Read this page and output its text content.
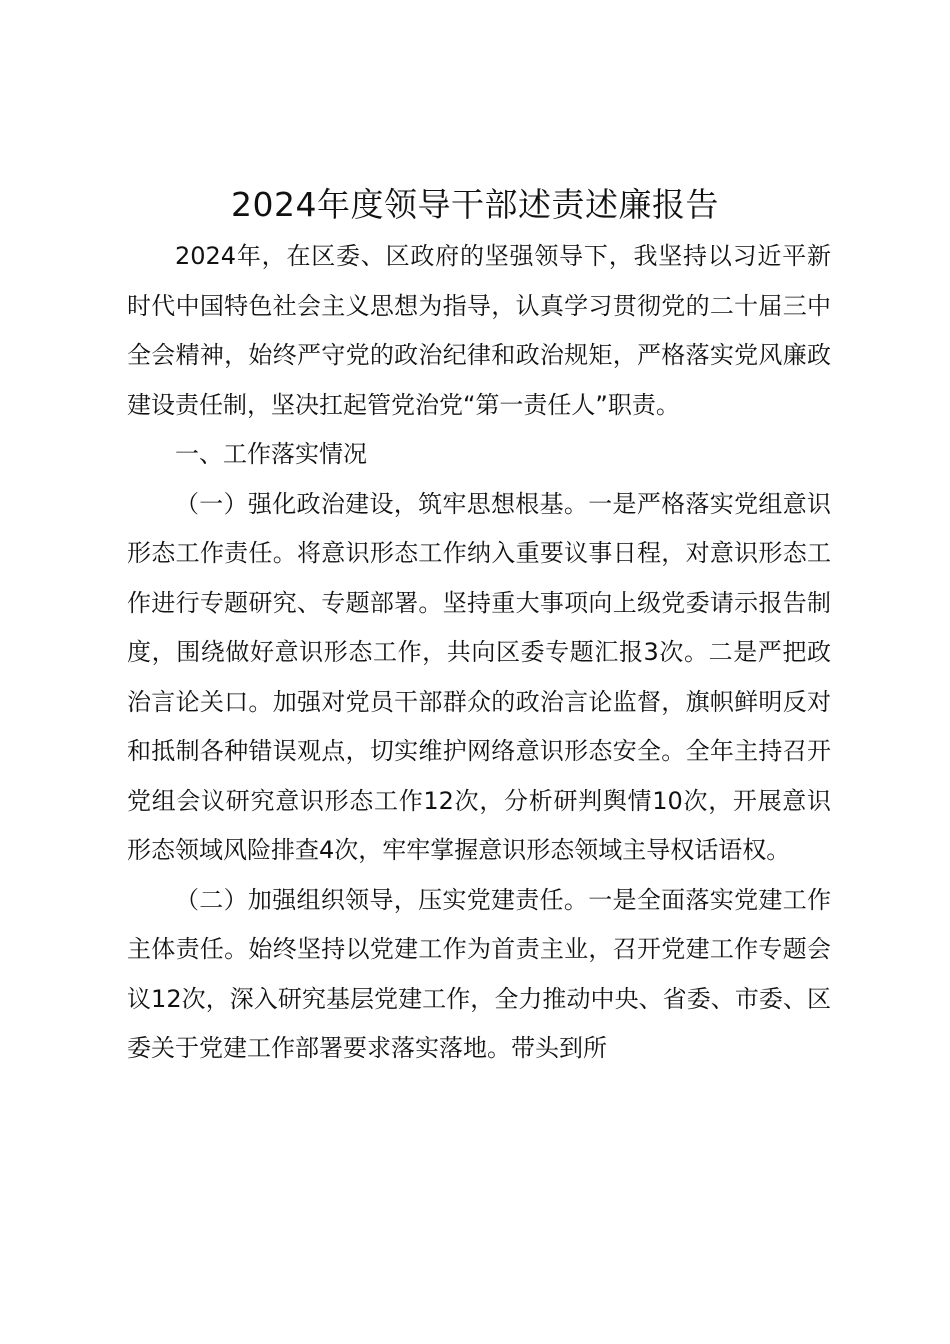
2024年度领导干部述责述廉报告

2024年，在区委、区政府的坚强领导下，我坚持以习近平新时代中国特色社会主义思想为指导，认真学习贯彻党的二十届三中全会精神，始终严守党的政治纪律和政治规矩，严格落实党风廉政建设责任制，坚决扛起管党治党“第一责任人”职责。

一、工作落实情况

（一）强化政治建设，筑牢思想根基。一是严格落实党组意识形态工作责任。将意识形态工作纳入重要议事日程，对意识形态工作进行专题研究、专题部署。坚持重大事项向上级党委请示报告制度，围绕做好意识形态工作，共向区委专题汇报3次。二是严把政治言论关口。加强对党员干部群众的政治言论监督，旗帜鲜明反对和抵制各种错误观点，切实维护网络意识形态安全。全年主持召开党组会议研究意识形态工作12次，分析研判舆情10次，开展意识形态领域风险排查4次，牢牢掌握意识形态领域主导权话语权。

（二）加强组织领导，压实党建责任。一是全面落实党建工作主体责任。始终坚持以党建工作为首责主业，召开党建工作专题会议12次，深入研究基层党建工作，全力推动中央、省委、市委、区委关于党建工作部署要求落实落地。带头到所
